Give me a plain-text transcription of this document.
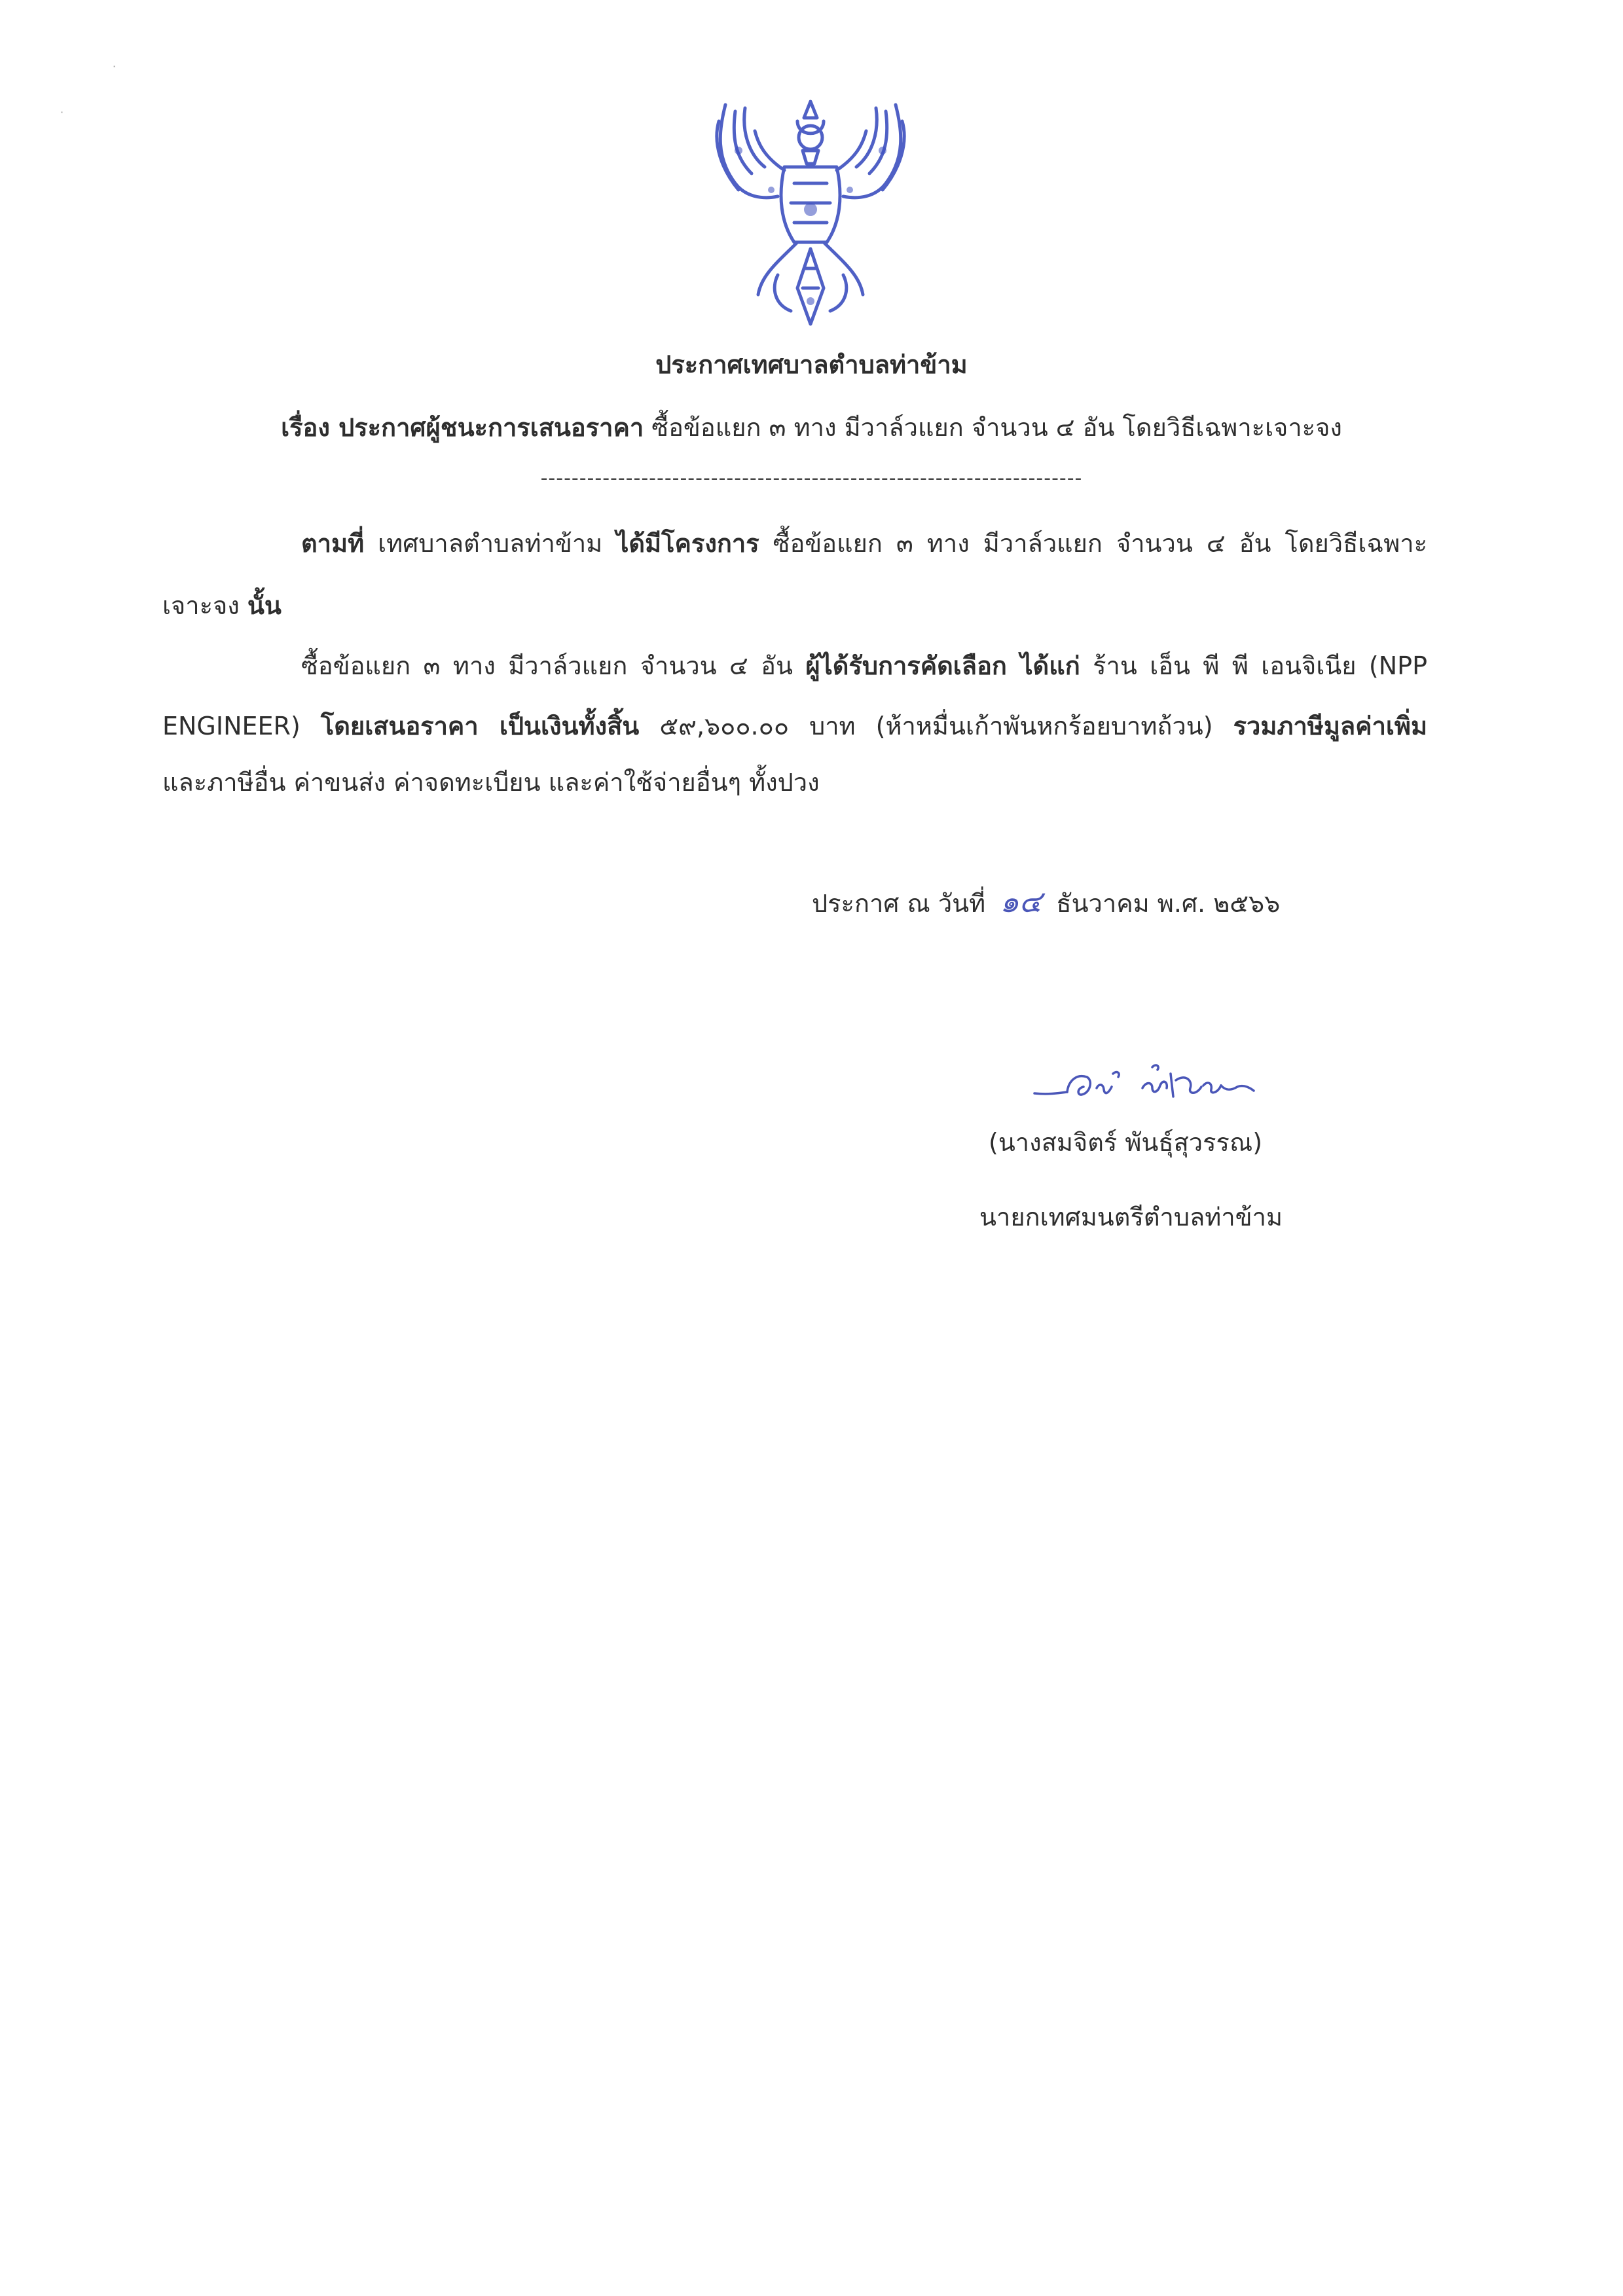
·
·
ประกาศเทศบาลตำบลท่าข้าม
เรื่อง ประกาศผู้ชนะการเสนอราคา ซื้อข้อแยก ๓ ทาง มีวาล์วแยก จำนวน ๔ อัน โดยวิธีเฉพาะเจาะจง
----------------------------------------------------------------------
ตามที่ เทศบาลตำบลท่าข้าม ได้มีโครงการ ซื้อข้อแยก ๓ ทาง มีวาล์วแยก จำนวน ๔ อัน โดยวิธีเฉพาะ
เจาะจง นั้น
ซื้อข้อแยก ๓ ทาง มีวาล์วแยก จำนวน ๔ อัน ผู้ได้รับการคัดเลือก ได้แก่ ร้าน เอ็น พี พี เอนจิเนีย (NPP
ENGINEER) โดยเสนอราคา เป็นเงินทั้งสิ้น ๕๙,๖๐๐.๐๐ บาท (ห้าหมื่นเก้าพันหกร้อยบาทถ้วน) รวมภาษีมูลค่าเพิ่ม
และภาษีอื่น ค่าขนส่ง ค่าจดทะเบียน และค่าใช้จ่ายอื่นๆ ทั้งปวง
ประกาศ ณ วันที่ ๑๔ ธันวาคม พ.ศ. ๒๕๖๖
(นางสมจิตร์ พันธุ์สุวรรณ)
นายกเทศมนตรีตำบลท่าข้าม
